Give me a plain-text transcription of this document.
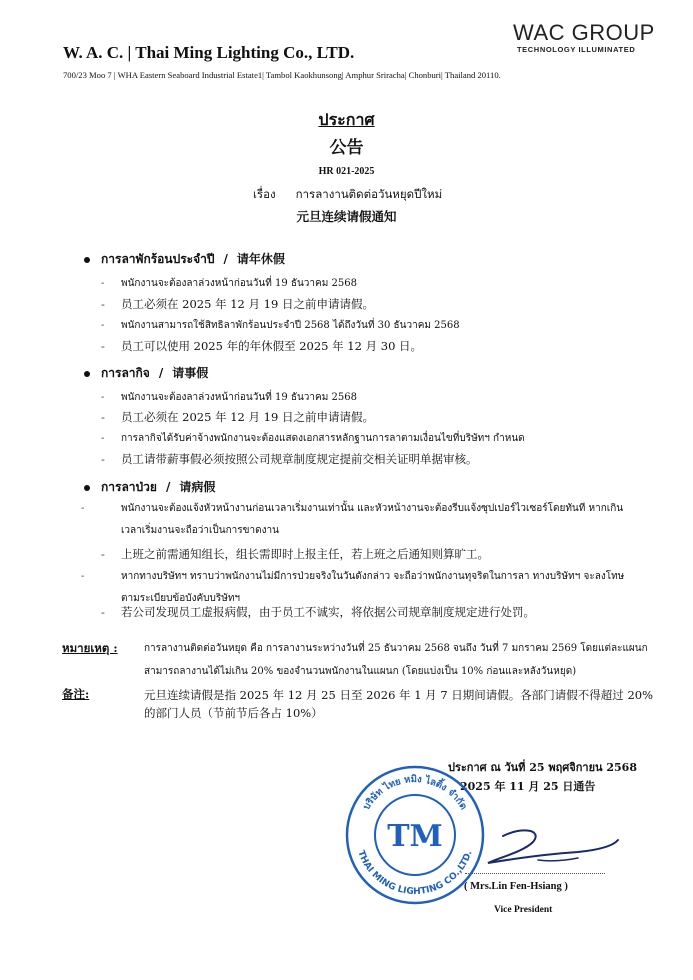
WAC GROUP
TECHNOLOGY ILLUMINATED
W. A. C. | Thai Ming Lighting Co., LTD.
700/23 Moo 7 | WHA Eastern Seaboard Industrial Estate1| Tambol Kaokhunsong| Amphur Sriracha| Chonburi| Thailand 20110.
ประกาศ
公告
HR 021-2025
เรื่อง การลางานติดต่อวันหยุดปีใหม่
元旦连续请假通知
การลาพักร้อนประจำปี / 请年休假
- พนักงานจะต้องลาล่วงหน้าก่อนวันที่ 19 ธันวาคม 2568
- 员工必须在 2025 年 12 月 19 日之前申请请假。
- พนักงานสามารถใช้สิทธิลาพักร้อนประจำปี 2568 ได้ถึงวันที่ 30 ธันวาคม 2568
- 员工可以使用 2025 年的年休假至 2025 年 12 月 30 日。
การลากิจ / 请事假
- พนักงานจะต้องลาล่วงหน้าก่อนวันที่ 19 ธันวาคม 2568
- 员工必须在 2025 年 12 月 19 日之前申请请假。
- การลากิจได้รับค่าจ้างพนักงานจะต้องแสดงเอกสารหลักฐานการลาตามเงื่อนไขที่บริษัทฯ กำหนด
- 员工请带薪事假必须按照公司规章制度规定提前交相关证明单据审核。
การลาป่วย / 请病假
-	พนักงานจะต้องแจ้งหัวหน้างานก่อนเวลาเริ่มงานเท่านั้น และหัวหน้างานจะต้องรีบแจ้งซุปเปอร์ไวเซอร์โดยทันที หากเกินเวลาเริ่มงานจะถือว่าเป็นการขาดงาน
- 上班之前需通知组长，组长需即时上报主任，若上班之后通知则算旷工。
-	หากทางบริษัทฯ ทราบว่าพนักงานไม่มีการป่วยจริงในวันดังกล่าว จะถือว่าพนักงานทุจริตในการลา ทางบริษัทฯ จะลงโทษตามระเบียบข้อบังคับบริษัทฯ
- 若公司发现员工虚报病假，由于员工不诚实，将依据公司规章制度规定进行处罚。
หมายเหตุ :	การลางานติดต่อวันหยุด คือ การลางานระหว่างวันที่ 25 ธันวาคม 2568 จนถึง วันที่ 7 มกราคม 2569 โดยแต่ละแผนกสามารถลางานได้ไม่เกิน 20% ของจำนวนพนักงานในแผนก (โดยแบ่งเป็น 10% ก่อนและหลังวันหยุด)
备注:	元旦连续请假是指 2025 年 12 月 25 日至 2026 年 1 月 7 日期间请假。各部门请假不得超过 20%的部门人员（节前节后各占 10%）
ประกาศ ณ วันที่ 25 พฤศจิกายน 2568
2025 年 11 月 25 日通告
TM
บริษัท ไทย หมิง ไลติ้ง จำกัด
THAI MING LIGHTING CO.,LTD.
( Mrs.Lin Fen-Hsiang )
Vice President
